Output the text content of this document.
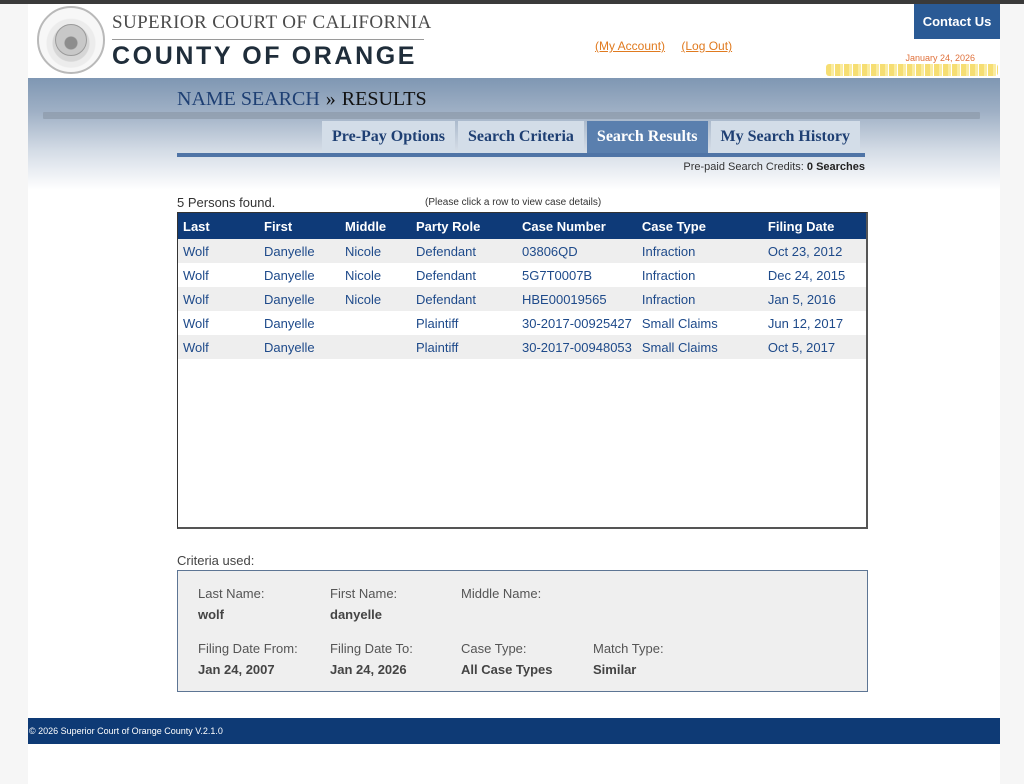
SUPERIOR COURT OF CALIFORNIA
COUNTY OF ORANGE	(My Account) (Log Out)
Contact Us
January 24, 2026
NAME SEARCH » RESULTS
Pre-Pay Options	Search Criteria	Search Results	My Search History
Pre-paid Search Credits: 0 Searches
5 Persons found.	(Please click a row to view case details)
Last	First	Middle	Party Role	Case Number	Case Type	Filing Date
Wolf	Danyelle	Nicole	Defendant	03806QD	Infraction	Oct 23, 2012
Wolf	Danyelle	Nicole	Defendant	5G7T0007B	Infraction	Dec 24, 2015
Wolf	Danyelle	Nicole	Defendant	HBE00019565	Infraction	Jan 5, 2016
Wolf	Danyelle		Plaintiff	30-2017-00925427	Small Claims	Jun 12, 2017
Wolf	Danyelle		Plaintiff	30-2017-00948053	Small Claims	Oct 5, 2017
Criteria used:
Last Name:
wolf
First Name:
danyelle
Middle Name:
Filing Date From:
Jan 24, 2007
Filing Date To:
Jan 24, 2026
Case Type:
All Case Types
Match Type:
Similar
© 2026 Superior Court of Orange County V.2.1.0
